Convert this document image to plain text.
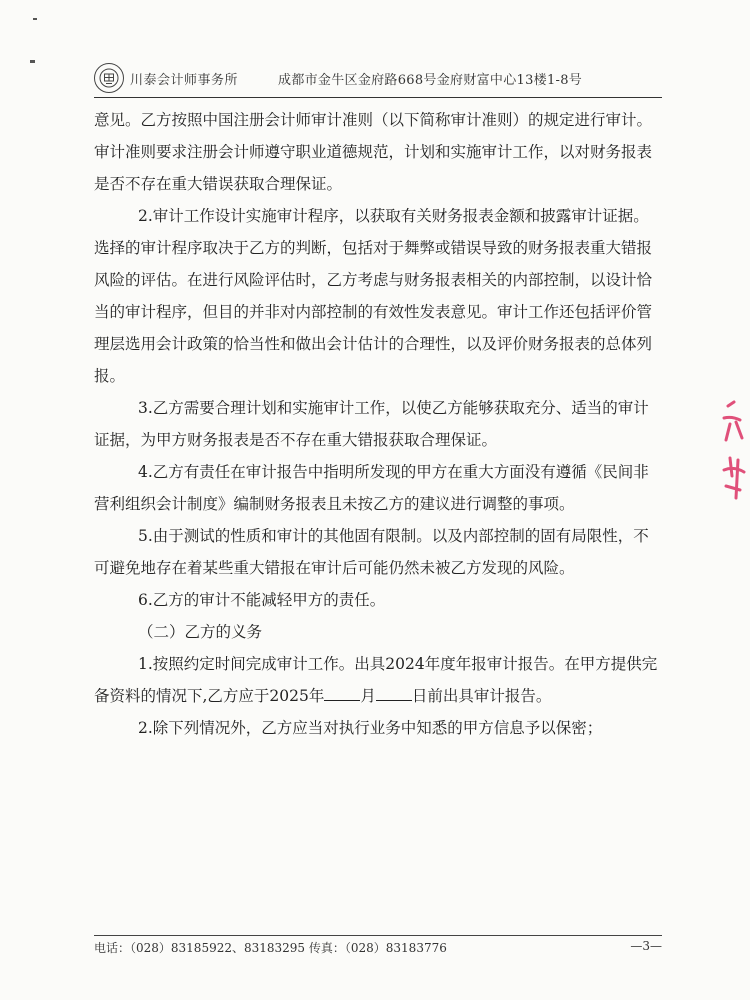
川泰会计师事务所	成都市金牛区金府路668号金府财富中心13楼1-8号

意见。乙方按照中国注册会计师审计准则（以下简称审计准则）的规定进行审计。审计准则要求注册会计师遵守职业道德规范，计划和实施审计工作，以对财务报表是否不存在重大错误获取合理保证。

2.审计工作设计实施审计程序，以获取有关财务报表金额和披露审计证据。选择的审计程序取决于乙方的判断，包括对于舞弊或错误导致的财务报表重大错报风险的评估。在进行风险评估时，乙方考虑与财务报表相关的内部控制，以设计恰当的审计程序，但目的并非对内部控制的有效性发表意见。审计工作还包括评价管理层选用会计政策的恰当性和做出会计估计的合理性，以及评价财务报表的总体列报。

3.乙方需要合理计划和实施审计工作，以使乙方能够获取充分、适当的审计证据，为甲方财务报表是否不存在重大错报获取合理保证。

4.乙方有责任在审计报告中指明所发现的甲方在重大方面没有遵循《民间非营利组织会计制度》编制财务报表且未按乙方的建议进行调整的事项。

5.由于测试的性质和审计的其他固有限制。以及内部控制的固有局限性，不可避免地存在着某些重大错报在审计后可能仍然未被乙方发现的风险。

6.乙方的审计不能减轻甲方的责任。

（二）乙方的义务

1.按照约定时间完成审计工作。出具2024年度年报审计报告。在甲方提供完备资料的情况下,乙方应于2025年 月 日前出具审计报告。

2.除下列情况外，乙方应当对执行业务中知悉的甲方信息予以保密；

电话：（028）83185922、83183295 传真：（028）83183776	—3—
